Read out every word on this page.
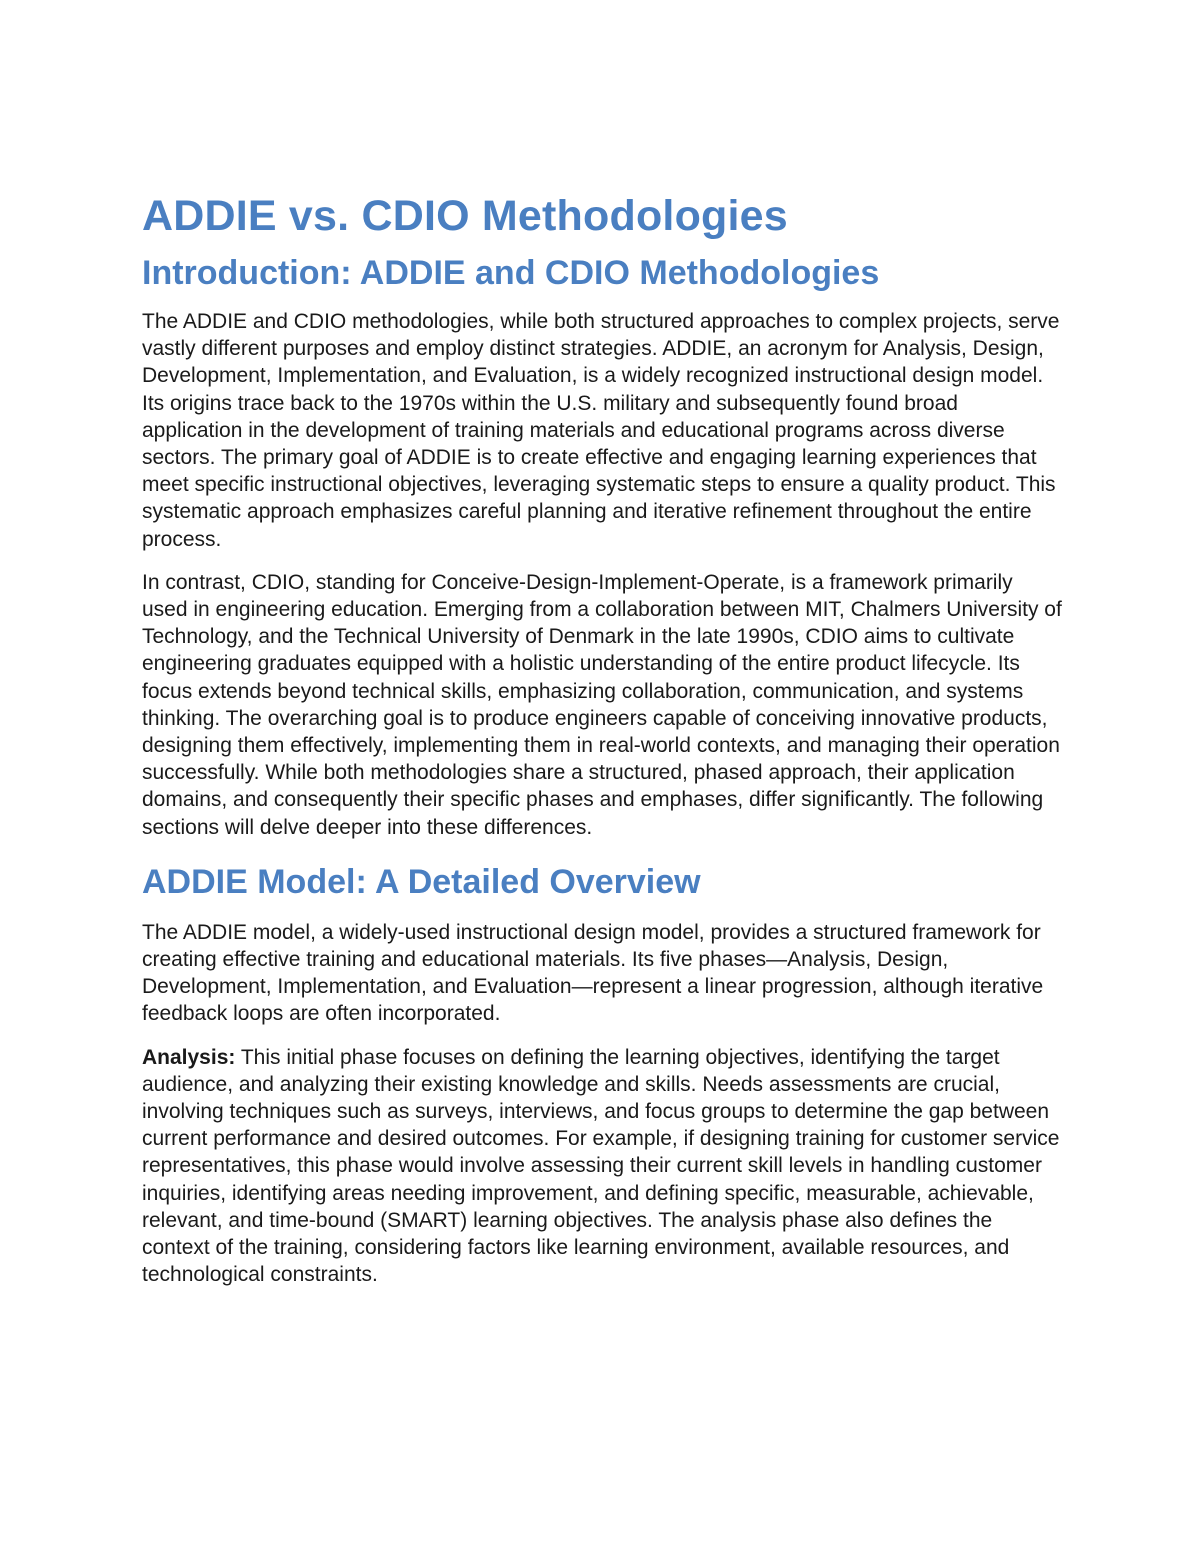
ADDIE vs. CDIO Methodologies
Introduction: ADDIE and CDIO Methodologies

The ADDIE and CDIO methodologies, while both structured approaches to complex projects, serve vastly different purposes and employ distinct strategies. ADDIE, an acronym for Analysis, Design, Development, Implementation, and Evaluation, is a widely recognized instructional design model. Its origins trace back to the 1970s within the U.S. military and subsequently found broad application in the development of training materials and educational programs across diverse sectors. The primary goal of ADDIE is to create effective and engaging learning experiences that meet specific instructional objectives, leveraging systematic steps to ensure a quality product. This systematic approach emphasizes careful planning and iterative refinement throughout the entire process.

In contrast, CDIO, standing for Conceive-Design-Implement-Operate, is a framework primarily used in engineering education. Emerging from a collaboration between MIT, Chalmers University of Technology, and the Technical University of Denmark in the late 1990s, CDIO aims to cultivate engineering graduates equipped with a holistic understanding of the entire product lifecycle. Its focus extends beyond technical skills, emphasizing collaboration, communication, and systems thinking. The overarching goal is to produce engineers capable of conceiving innovative products, designing them effectively, implementing them in real-world contexts, and managing their operation successfully. While both methodologies share a structured, phased approach, their application domains, and consequently their specific phases and emphases, differ significantly. The following sections will delve deeper into these differences.

ADDIE Model: A Detailed Overview

The ADDIE model, a widely-used instructional design model, provides a structured framework for creating effective training and educational materials. Its five phases—Analysis, Design, Development, Implementation, and Evaluation—represent a linear progression, although iterative feedback loops are often incorporated.

Analysis: This initial phase focuses on defining the learning objectives, identifying the target audience, and analyzing their existing knowledge and skills. Needs assessments are crucial, involving techniques such as surveys, interviews, and focus groups to determine the gap between current performance and desired outcomes. For example, if designing training for customer service representatives, this phase would involve assessing their current skill levels in handling customer inquiries, identifying areas needing improvement, and defining specific, measurable, achievable, relevant, and time-bound (SMART) learning objectives. The analysis phase also defines the context of the training, considering factors like learning environment, available resources, and technological constraints.
